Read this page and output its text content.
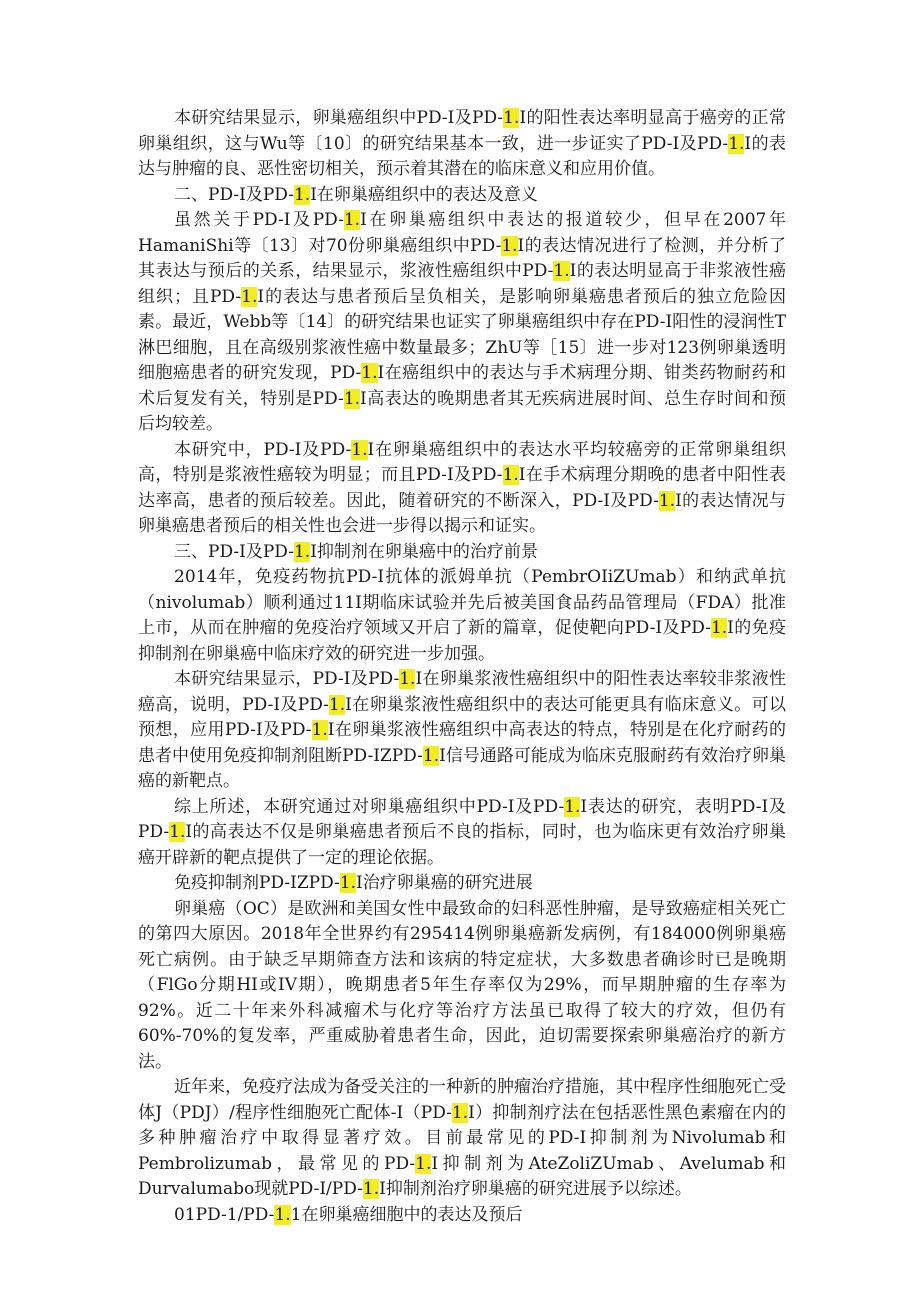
本研究结果显示，卵巢癌组织中PD-I及PD-1.I的阳性表达率明显高于癌旁的正常卵巢组织，这与Wu等〔10〕的研究结果基本一致，进一步证实了PD-I及PD-1.I的表达与肿瘤的良、恶性密切相关，预示着其潜在的临床意义和应用价值。

二、PD-I及PD-1.I在卵巢癌组织中的表达及意义

虽然关于PD-I及PD-1.I在卵巢癌组织中表达的报道较少，但早在2007年HamaniShi等〔13〕对70份卵巢癌组织中PD-1.I的表达情况进行了检测，并分析了其表达与预后的关系，结果显示，浆液性癌组织中PD-1.I的表达明显高于非浆液性癌组织；且PD-1.I的表达与患者预后呈负相关，是影响卵巢癌患者预后的独立危险因素。最近，Webb等〔14〕的研究结果也证实了卵巢癌组织中存在PD-I阳性的浸润性T淋巴细胞，且在高级别浆液性癌中数量最多；ZhU等［15〕进一步对123例卵巢透明细胞癌患者的研究发现，PD-1.I在癌组织中的表达与手术病理分期、钳类药物耐药和术后复发有关，特别是PD-1.I高表达的晚期患者其无疾病进展时间、总生存时间和预后均较差。

本研究中，PD-I及PD-1.I在卵巢癌组织中的表达水平均较癌旁的正常卵巢组织高，特别是浆液性癌较为明显；而且PD-I及PD-1.I在手术病理分期晚的患者中阳性表达率高，患者的预后较差。因此，随着研究的不断深入，PD-I及PD-1.I的表达情况与卵巢癌患者预后的相关性也会进一步得以揭示和证实。

三、PD-I及PD-1.I抑制剂在卵巢癌中的治疗前景

2014年，免疫药物抗PD-I抗体的派姆单抗（PembrOIiZUmab）和纳武单抗（nivolumab）顺利通过11I期临床试验并先后被美国食品药品管理局（FDA）批准上市，从而在肿瘤的免疫治疗领域又开启了新的篇章，促使靶向PD-I及PD-1.I的免疫抑制剂在卵巢癌中临床疗效的研究进一步加强。

本研究结果显示，PD-I及PD-1.I在卵巢浆液性癌组织中的阳性表达率较非浆液性癌高，说明，PD-I及PD-1.I在卵巢浆液性癌组织中的表达可能更具有临床意义。可以预想，应用PD-I及PD-1.I在卵巢浆液性癌组织中高表达的特点，特别是在化疗耐药的患者中使用免疫抑制剂阻断PD-IZPD-1.I信号通路可能成为临床克服耐药有效治疗卵巢癌的新靶点。

综上所述，本研究通过对卵巢癌组织中PD-I及PD-1.I表达的研究，表明PD-I及PD-1.I的高表达不仅是卵巢癌患者预后不良的指标，同时，也为临床更有效治疗卵巢癌开辟新的靶点提供了一定的理论依据。

免疫抑制剂PD-IZPD-1.I治疗卵巢癌的研究进展

卵巢癌（OC）是欧洲和美国女性中最致命的妇科恶性肿瘤，是导致癌症相关死亡的第四大原因。2018年全世界约有295414例卵巢癌新发病例，有184000例卵巢癌死亡病例。由于缺乏早期筛查方法和该病的特定症状，大多数患者确诊时已是晚期（FlGo分期HI或IV期），晚期患者5年生存率仅为29%，而早期肿瘤的生存率为92%。近二十年来外科减瘤术与化疗等治疗方法虽已取得了较大的疗效，但仍有60%-70%的复发率，严重威胁着患者生命，因此，迫切需要探索卵巢癌治疗的新方法。

近年来，免疫疗法成为备受关注的一种新的肿瘤治疗措施，其中程序性细胞死亡受体J（PDJ）/程序性细胞死亡配体-I（PD-1.I）抑制剂疗法在包括恶性黑色素瘤在内的多种肿瘤治疗中取得显著疗效。目前最常见的PD-I抑制剂为Nivolumab和Pembrolizumab，最常见的PD-1.I抑制剂为AteZoliZUmab、Avelumab和Durvalumabo现就PD-I/PD-1.I抑制剂治疗卵巢癌的研究进展予以综述。

01PD-1/PD-1.1在卵巢癌细胞中的表达及预后
